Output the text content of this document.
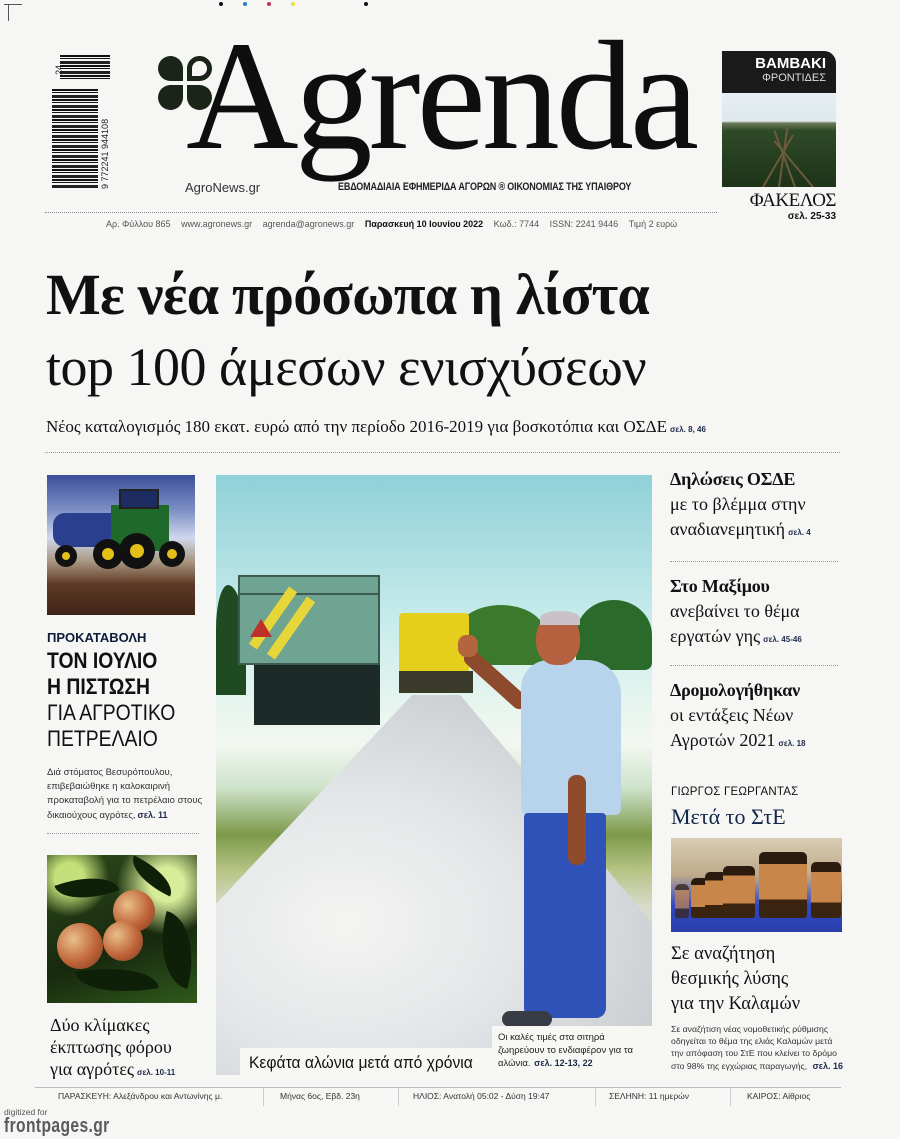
24
9 772241 944108 Agrenda
AgroNews.gr	ΕΒΔΟΜΑΔΙΑΙΑ ΕΦΗΜΕΡΙΔΑ ΑΓΟΡΩΝ ® ΟΙΚΟΝΟΜΙΑΣ ΤΗΣ ΥΠΑΙΘΡΟΥ
Αρ. Φύλλου 865 www.agronews.gr agrenda@agronews.gr Παρασκευή 10 Ιουνίου 2022 Κωδ.: 7744 ISSN: 2241 9446 Τιμή 2 ευρώ
ΒΑΜΒΑΚΙ
ΦΡΟΝΤΙΔΕΣ
ΦΑΚΕΛΟΣ
σελ. 25-33
Με νέα πρόσωπα η λίστα
top 100 άμεσων ενισχύσεων
Νέος καταλογισμός 180 εκατ. ευρώ από την περίοδο 2016-2019 για βοσκοτόπια και ΟΣΔΕ σελ. 8, 46
ΠΡΟΚΑΤΑΒΟΛΗ
ΤΟΝ ΙΟΥΛΙΟ
Η ΠΙΣΤΩΣΗ
ΓΙΑ ΑΓΡΟΤΙΚΟ
ΠΕΤΡΕΛΑΙΟ
Διά στόματος Βεσυρόπουλου, επιβεβαιώθηκε η καλοκαιρινή προκαταβολή για το πετρέλαιο στους δικαιούχους αγρότες, σελ. 11
Δύο κλίμακες
έκπτωσης φόρου
για αγρότες σελ. 10-11
Κεφάτα αλώνια μετά από χρόνια
Οι καλές τιμές στα σιτηρά ζωηρεύουν το ενδιαφέρον για τα αλώνια. σελ. 12-13, 22
Δηλώσεις ΟΣΔΕ
με το βλέμμα στην
αναδιανεμητική σελ. 4
Στο Μαξίμου
ανεβαίνει το θέμα
εργατών γης σελ. 45-46
Δρομολογήθηκαν
οι εντάξεις Νέων
Αγροτών 2021 σελ. 18
ΓΙΩΡΓΟΣ ΓΕΩΡΓΑΝΤΑΣ
Μετά το ΣτΕ
Σε αναζήτηση
θεσμικής λύσης
για την Καλαμών
Σε αναζήτιση νέας νομοθετικής ρύθμισης οδηγείται το θέμα της ελιάς Καλαμών μετά την απόφαση του ΣτΕ που κλείνει το δρόμο στο 98% της εγχώριας παραγωγής, σελ. 16
ΠΑΡΑΣΚΕΥΗ: Αλεξάνδρου και Αντωνίνης μ.	Μήνας 6ος, Εβδ. 23η	ΗΛΙΟΣ: Ανατολή 05:02 - Δύση 19:47	ΣΕΛΗΝΗ: 11 ημερών	ΚΑΙΡΟΣ: Αίθριος
digitized for
frontpages.gr
